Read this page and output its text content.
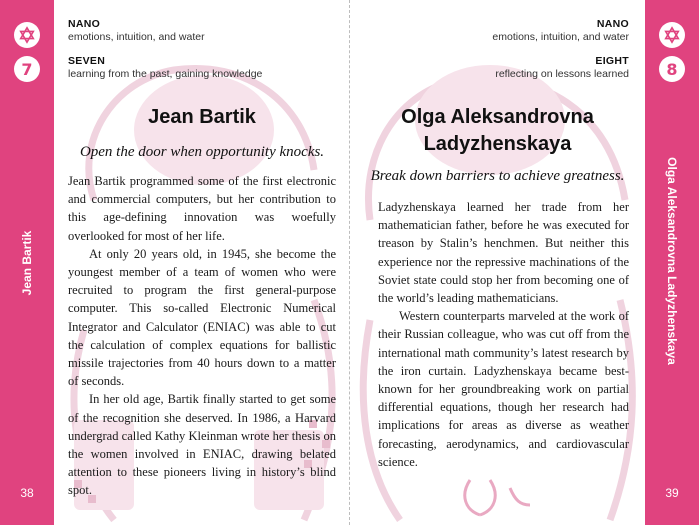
7
Jean Bartik
38
8
Olga Aleksandrovna Ladyzhenskaya
39
NANO
emotions, intuition, and water
SEVEN
learning from the past, gaining knowledge
Jean Bartik
Open the door when opportunity knocks.

Jean Bartik programmed some of the first electronic and commercial computers, but her contribution to this age-defining innovation was woefully overlooked for most of her life.

At only 20 years old, in 1945, she become the youngest member of a team of women who were recruited to program the first general-purpose computer. This so-called Electronic Numerical Integrator and Calculator (ENIAC) was able to cut the calculation of complex equations for ballistic missile trajectories from 40 hours down to a matter of seconds.

In her old age, Bartik finally started to get some of the recognition she deserved. In 1986, a Harvard undergrad called Kathy Kleinman wrote her thesis on the women involved in ENIAC, drawing belated attention to these pioneers living in history’s blind spot.

NANO
emotions, intuition, and water
EIGHT
reflecting on lessons learned
Olga Aleksandrovna
Ladyzhenskaya
Break down barriers to achieve greatness.

Ladyzhenskaya learned her trade from her mathematician father, before he was executed for treason by Stalin’s henchmen. But neither this experience nor the repressive machinations of the Soviet state could stop her from becoming one of the world’s leading mathematicians.

Western counterparts marveled at the work of their Russian colleague, who was cut off from the international math community’s latest research by the iron curtain. Ladyzhenskaya became best-known for her groundbreaking work on partial differential equations, though her research had implications for areas as diverse as weather forecasting, aerodynamics, and cardiovascular science.
